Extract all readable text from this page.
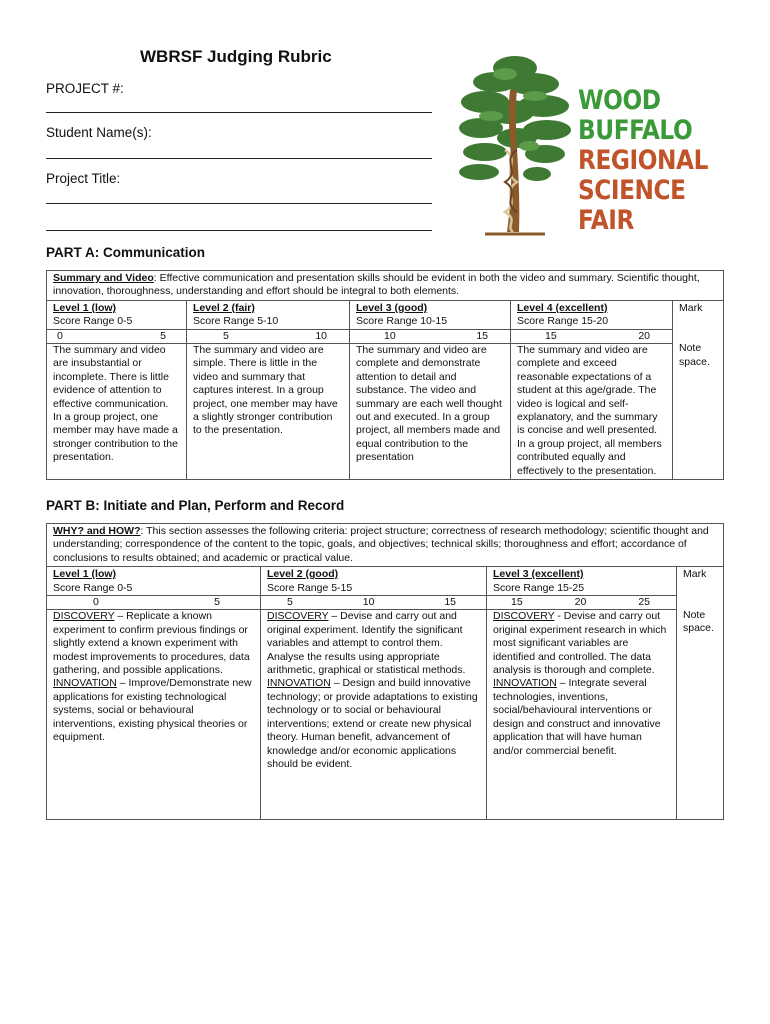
WBRSF Judging Rubric
PROJECT #:
Student Name(s):
Project Title:
WOOD
BUFFALO
REGIONAL
SCIENCE
FAIR
PART A: Communication
Summary and Video: Effective communication and presentation skills should be evident in both the video and summary. Scientific thought, innovation, thoroughness, understanding and effort should be integral to both elements.

Level 1 (low)
Score Range 0-5
0	5
The summary and video are insubstantial or incomplete. There is little evidence of attention to effective communication. In a group project, one member may have made a stronger contribution to the presentation.

Level 2 (fair)
Score Range 5-10
5	10
The summary and video are simple. There is little in the video and summary that captures interest. In a group project, one member may have a slightly stronger contribution to the presentation.

Level 3 (good)
Score Range 10-15
10	15
The summary and video are complete and demonstrate attention to detail and substance. The video and summary are each well thought out and executed. In a group project, all members made and equal contribution to the presentation

Level 4 (excellent)
Score Range 15-20
15	20
The summary and video are complete and exceed reasonable expectations of a student at this age/grade. The video is logical and self-explanatory, and the summary is concise and well presented. In a group project, all members contributed equally and effectively to the presentation.

Mark
Note space.
PART B: Initiate and Plan, Perform and Record
WHY? and HOW?: This section assesses the following criteria: project structure; correctness of research methodology; scientific thought and understanding; correspondence of the content to the topic, goals, and objectives; technical skills; thoroughness and effort; accordance of conclusions to results obtained; and academic or practical value.

Level 1 (low)
Score Range 0-5
0	5
DISCOVERY – Replicate a known experiment to confirm previous findings or slightly extend a known experiment with modest improvements to procedures, data gathering, and possible applications.
INNOVATION – Improve/Demonstrate new applications for existing technological systems, social or behavioural interventions, existing physical theories or equipment.

Level 2 (good)
Score Range 5-15
5	10	15
DISCOVERY – Devise and carry out and original experiment. Identify the significant variables and attempt to control them. Analyse the results using appropriate arithmetic, graphical or statistical methods.
INNOVATION – Design and build innovative technology; or provide adaptations to existing technology or to social or behavioural interventions; extend or create new physical theory. Human benefit, advancement of knowledge and/or economic applications should be evident.

Level 3 (excellent)
Score Range 15-25
15	20	25
DISCOVERY - Devise and carry out original experiment research in which most significant variables are identified and controlled. The data analysis is thorough and complete.
INNOVATION – Integrate several technologies, inventions, social/behavioural interventions or design and construct and innovative application that will have human and/or commercial benefit.

Mark
Note space.
